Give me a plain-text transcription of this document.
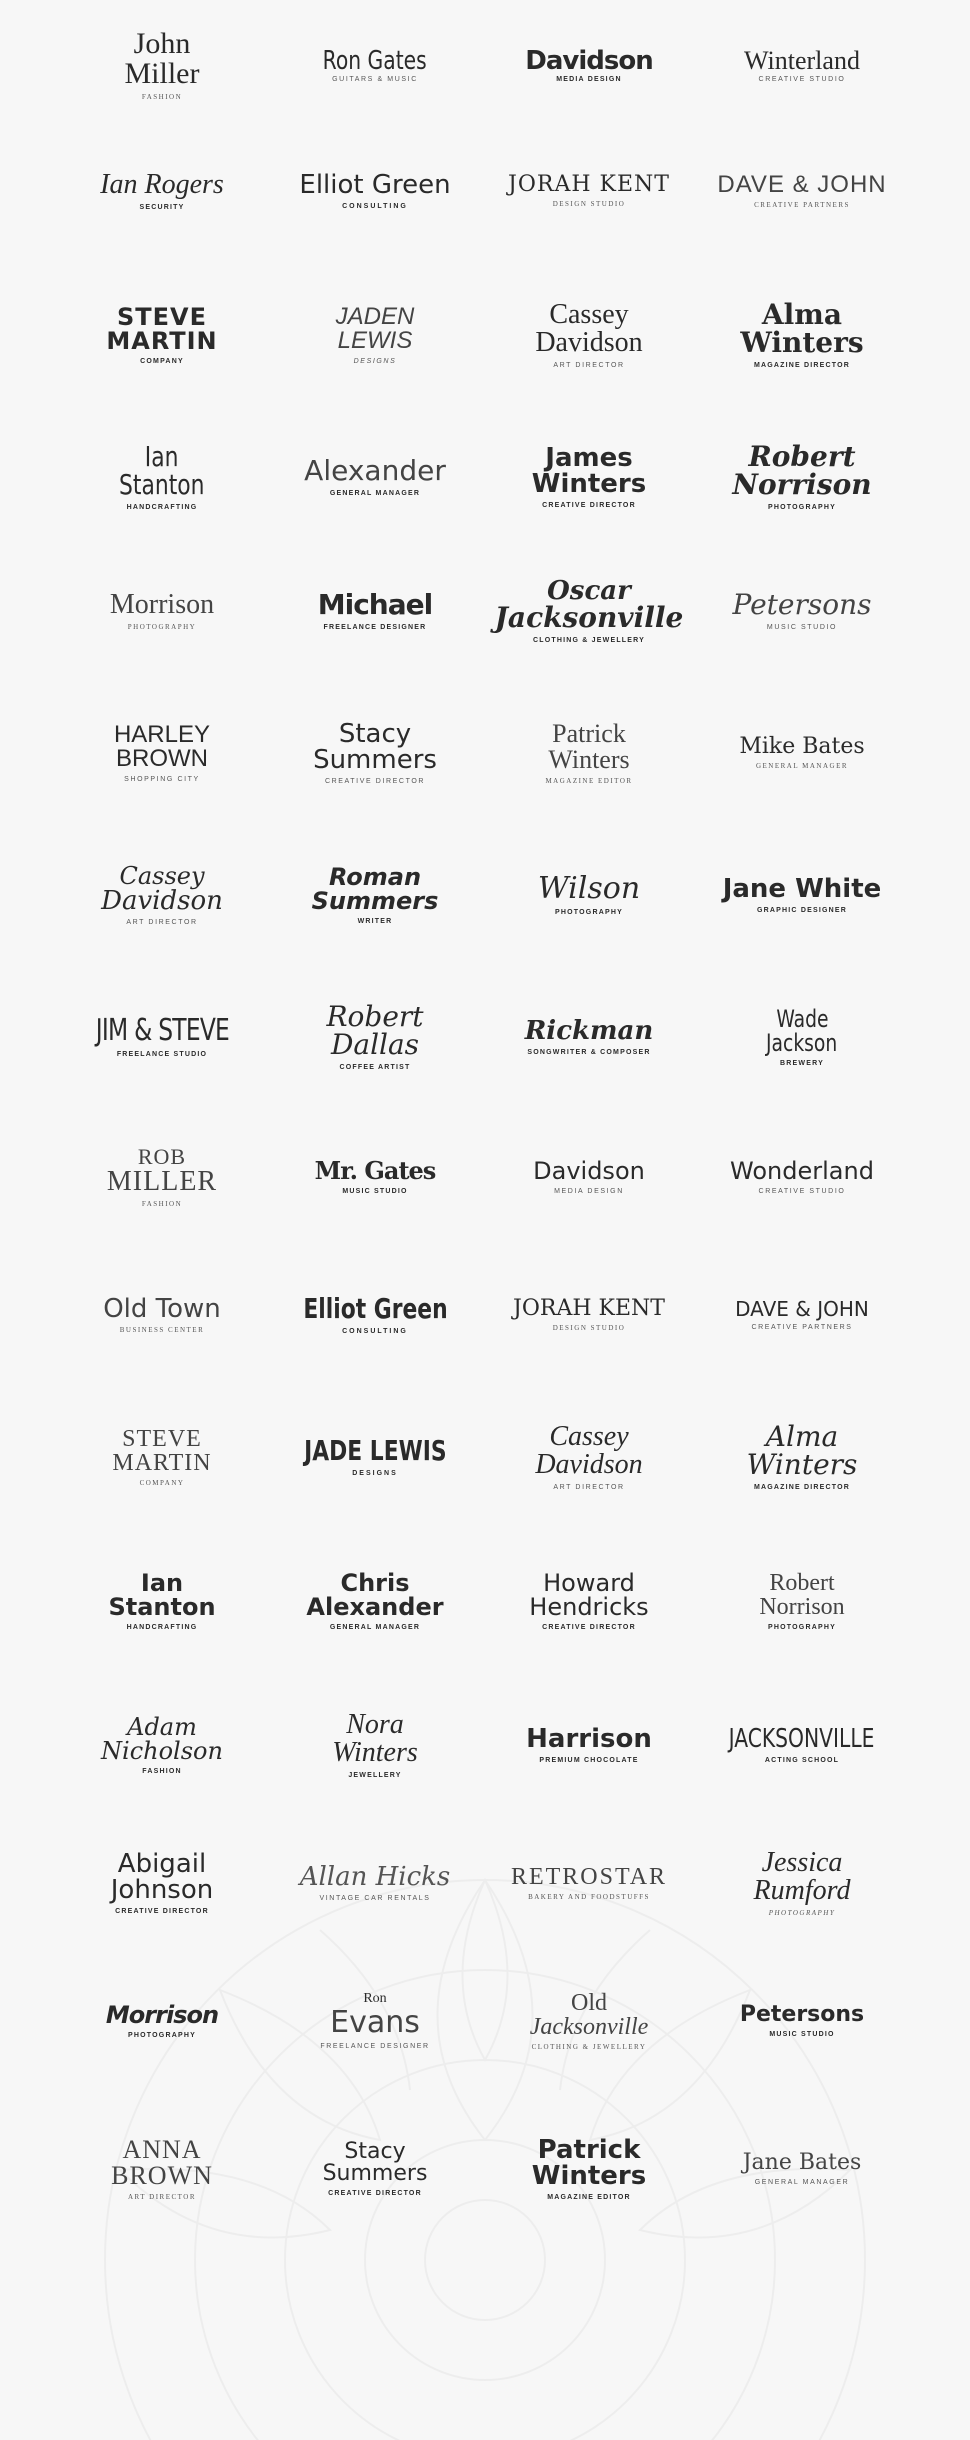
John
Miller
FASHION
Ron Gates
GUITARS & MUSIC
Davidson
MEDIA DESIGN
Winterland
CREATIVE STUDIO
Ian Rogers
SECURITY
Elliot Green
CONSULTING
JORAH KENT
DESIGN STUDIO
DAVE & JOHN
CREATIVE PARTNERS
STEVE
MARTIN
COMPANY
JADEN
LEWIS
DESIGNS
Cassey
Davidson
ART DIRECTOR
Alma
Winters
MAGAZINE DIRECTOR
Ian
Stanton
HANDCRAFTING
Alexander
GENERAL MANAGER
James
Winters
CREATIVE DIRECTOR
Robert
Norrison
PHOTOGRAPHY
Morrison
PHOTOGRAPHY
Michael
FREELANCE DESIGNER
Oscar
Jacksonville
CLOTHING & JEWELLERY
Petersons
MUSIC STUDIO
HARLEY
BROWN
SHOPPING CITY
Stacy
Summers
CREATIVE DIRECTOR
Patrick
Winters
MAGAZINE EDITOR
Mike Bates
GENERAL MANAGER
Cassey
Davidson
ART DIRECTOR
Roman
Summers
WRITER
Wilson
PHOTOGRAPHY
Jane White
GRAPHIC DESIGNER
JIM & STEVE
FREELANCE STUDIO
Robert
Dallas
COFFEE ARTIST
Rickman
SONGWRITER & COMPOSER
Wade
Jackson
BREWERY
ROB
MILLER
FASHION
Mr. Gates
MUSIC STUDIO
Davidson
MEDIA DESIGN
Wonderland
CREATIVE STUDIO
Old Town
BUSINESS CENTER
Elliot Green
CONSULTING
JORAH KENT
DESIGN STUDIO
DAVE & JOHN
CREATIVE PARTNERS
STEVE
MARTIN
COMPANY
JADE LEWIS
DESIGNS
Cassey
Davidson
ART DIRECTOR
Alma
Winters
MAGAZINE DIRECTOR
Ian
Stanton
HANDCRAFTING
Chris
Alexander
GENERAL MANAGER
Howard
Hendricks
CREATIVE DIRECTOR
Robert
Norrison
PHOTOGRAPHY
Adam
Nicholson
FASHION
Nora
Winters
JEWELLERY
Harrison
PREMIUM CHOCOLATE
JACKSONVILLE
ACTING SCHOOL
Abigail
Johnson
CREATIVE DIRECTOR
Allan Hicks
VINTAGE CAR RENTALS
RETROSTAR
BAKERY AND FOODSTUFFS
Jessica
Rumford
PHOTOGRAPHY
Morrison
PHOTOGRAPHY
Ron
Evans
FREELANCE DESIGNER
Old
Jacksonville
CLOTHING & JEWELLERY
Petersons
MUSIC STUDIO
ANNA
BROWN
ART DIRECTOR
Stacy
Summers
CREATIVE DIRECTOR
Patrick
Winters
MAGAZINE EDITOR
Jane Bates
GENERAL MANAGER
